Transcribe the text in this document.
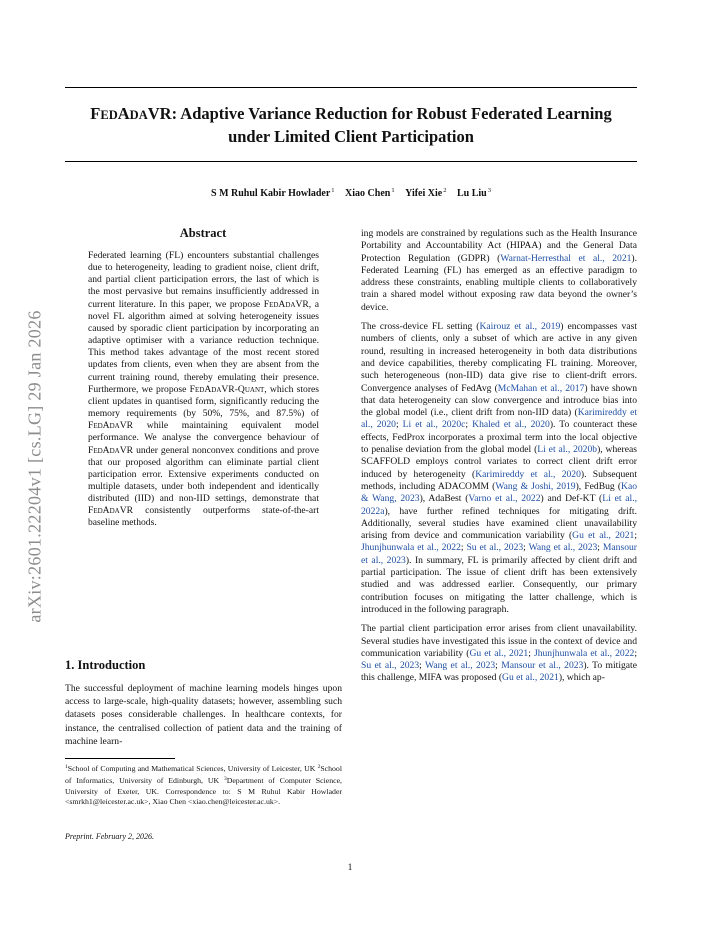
arXiv:2601.22204v1 [cs.LG] 29 Jan 2026
FEDADAVR: Adaptive Variance Reduction for Robust Federated Learning
under Limited Client Participation
S M Ruhul Kabir Howlader$^1$ Xiao Chen$^1$ Yifei Xie$^2$ Lu Liu$^3$
Abstract
Federated learning (FL) encounters substantial challenges due to heterogeneity, leading to gradient noise, client drift, and partial client participation errors, the last of which is the most pervasive but remains insufficiently addressed in current literature. In this paper, we propose FedAdaVR, a novel FL algorithm aimed at solving heterogeneity issues caused by sporadic client participation by incorporating an adaptive optimiser with a variance reduction technique. This method takes advantage of the most recent stored updates from clients, even when they are absent from the current training round, thereby emulating their presence. Furthermore, we propose FedAdaVR-Quant, which stores client updates in quantised form, significantly reducing the memory requirements (by 50%, 75%, and 87.5%) of FedAdaVR while maintaining equivalent model performance. We analyse the convergence behaviour of FedAdaVR under general nonconvex conditions and prove that our proposed algorithm can eliminate partial client participation error. Extensive experiments conducted on multiple datasets, under both independent and identically distributed (IID) and non-IID settings, demonstrate that FedAdaVR consistently outperforms state-of-the-art baseline methods.
1. Introduction
The successful deployment of machine learning models hinges upon access to large-scale, high-quality datasets; however, assembling such datasets poses considerable challenges. In healthcare contexts, for instance, the centralised collection of patient data and the training of machine learn-
$^1$School of Computing and Mathematical Sciences, University of Leicester, UK $^2$School of Informatics, University of Edinburgh, UK $^3$Department of Computer Science, University of Exeter, UK. Correspondence to: S M Ruhul Kabir Howlader <smrkh1@leicester.ac.uk>, Xiao Chen <xiao.chen@leicester.ac.uk>.
Preprint. February 2, 2026.

ing models are constrained by regulations such as the Health Insurance Portability and Accountability Act (HIPAA) and the General Data Protection Regulation (GDPR) (Warnat-Herresthal et al., 2021). Federated Learning (FL) has emerged as an effective paradigm to address these constraints, enabling multiple clients to collaboratively train a shared model without exposing raw data beyond the owner’s device.

The cross-device FL setting (Kairouz et al., 2019) encompasses vast numbers of clients, only a subset of which are active in any given round, resulting in increased heterogeneity in both data distributions and device capabilities, thereby complicating FL training. Moreover, such heterogeneous (non-IID) data give rise to client-drift errors. Convergence analyses of FedAvg (McMahan et al., 2017) have shown that data heterogeneity can slow convergence and introduce bias into the global model (i.e., client drift from non-IID data) (Karimireddy et al., 2020; Li et al., 2020c; Khaled et al., 2020). To counteract these effects, FedProx incorporates a proximal term into the local objective to penalise deviation from the global model (Li et al., 2020b), whereas SCAFFOLD employs control variates to correct client drift error induced by heterogeneity (Karimireddy et al., 2020). Subsequent methods, including ADACOMM (Wang & Joshi, 2019), FedBug (Kao & Wang, 2023), AdaBest (Varno et al., 2022) and Def-KT (Li et al., 2022a), have further refined techniques for mitigating drift. Additionally, several studies have examined client unavailability arising from device and communication variability (Gu et al., 2021; Jhunjhunwala et al., 2022; Su et al., 2023; Wang et al., 2023; Mansour et al., 2023). In summary, FL is primarily affected by client drift and partial participation. The issue of client drift has been extensively studied and was addressed earlier. Consequently, our primary contribution focuses on mitigating the latter challenge, which is introduced in the following paragraph.

The partial client participation error arises from client unavailability. Several studies have investigated this issue in the context of device and communication variability (Gu et al., 2021; Jhunjhunwala et al., 2022; Su et al., 2023; Wang et al., 2023; Mansour et al., 2023). To mitigate this challenge, MIFA was proposed (Gu et al., 2021), which ap-

1
